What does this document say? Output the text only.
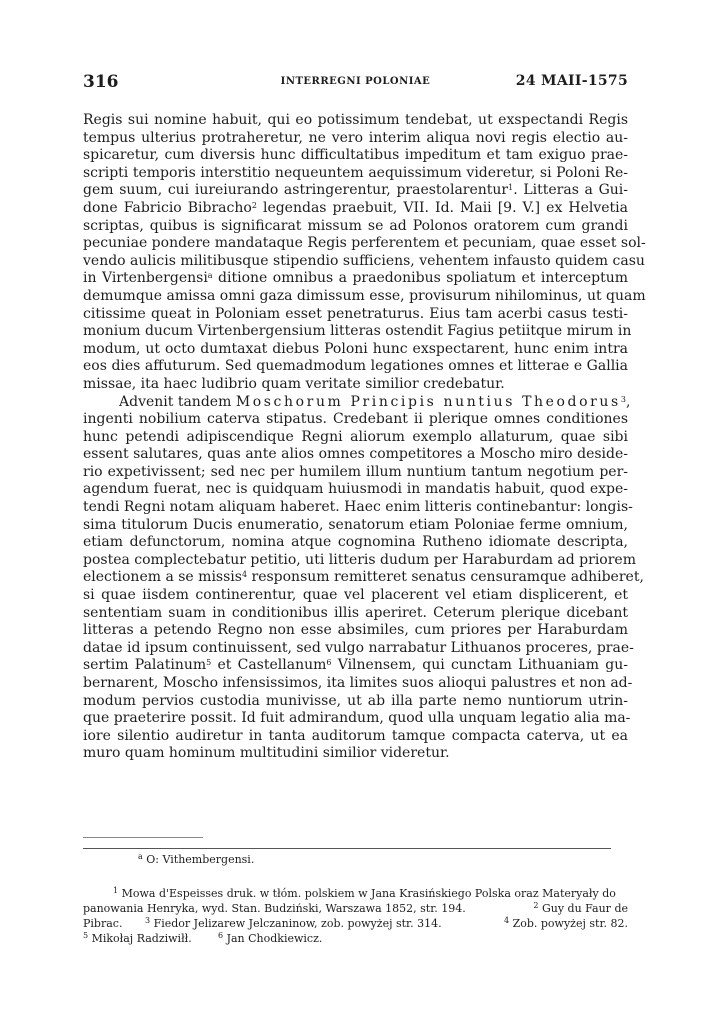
316	INTERREGNI POLONIAE	24 MAII-1575
Regis sui nomine habuit, qui eo potissimum tendebat, ut exspectandi Regis
tempus ulterius protraheretur, ne vero interim aliqua novi regis electio au-
spicaretur, cum diversis hunc difficultatibus impeditum et tam exiguo prae-
scripti temporis interstitio nequeuntem aequissimum videretur, si Poloni Re-
gem suum, cui iureiurando astringerentur, praestolarentur$^1$. Litteras a Gui-
done Fabricio Bibracho$^2$ legendas praebuit, VII. Id. Maii [9. V.] ex Helvetia
scriptas, quibus is significarat missum se ad Polonos oratorem cum grandi
pecuniae pondere mandataque Regis perferentem et pecuniam, quae esset sol-
vendo aulicis militibusque stipendio sufficiens, vehentem infausto quidem casu
in Virtenbergensi$^a$ ditione omnibus a praedonibus spoliatum et interceptum
demumque amissa omni gaza dimissum esse, provisurum nihilominus, ut quam
citissime queat in Poloniam esset penetraturus. Eius tam acerbi casus testi-
monium ducum Virtenbergensium litteras ostendit Fagius petiitque mirum in
modum, ut octo dumtaxat diebus Poloni hunc exspectarent, hunc enim intra
eos dies affuturum. Sed quemadmodum legationes omnes et litterae e Gallia
missae, ita haec ludibrio quam veritate similior credebatur.
Advenit tandem Moschorum Principis nuntius Theodorus$^3$,
ingenti nobilium caterva stipatus. Credebant ii plerique omnes conditiones
hunc petendi adipiscendique Regni aliorum exemplo allaturum, quae sibi
essent salutares, quas ante alios omnes competitores a Moscho miro deside-
rio expetivissent; sed nec per humilem illum nuntium tantum negotium per-
agendum fuerat, nec is quidquam huiusmodi in mandatis habuit, quod expe-
tendi Regni notam aliquam haberet. Haec enim litteris continebantur: longis-
sima titulorum Ducis enumeratio, senatorum etiam Poloniae ferme omnium,
etiam defunctorum, nomina atque cognomina Rutheno idiomate descripta,
postea complectebatur petitio, uti litteris dudum per Haraburdam ad priorem
electionem a se missis$^4$ responsum remitteret senatus censuramque adhiberet,
si quae iisdem continerentur, quae vel placerent vel etiam displicerent, et
sententiam suam in conditionibus illis aperiret. Ceterum plerique dicebant
litteras a petendo Regno non esse absimiles, cum priores per Haraburdam
datae id ipsum continuissent, sed vulgo narrabatur Lithuanos proceres, prae-
sertim Palatinum$^5$ et Castellanum$^6$ Vilnensem, qui cunctam Lithuaniam gu-
bernarent, Moscho infensissimos, ita limites suos alioqui palustres et non ad-
modum pervios custodia munivisse, ut ab illa parte nemo nuntiorum utrin-
que praeterire possit. Id fuit admirandum, quod ulla unquam legatio alia ma-
iore silentio audiretur in tanta auditorum tamque compacta caterva, ut ea
muro quam hominum multitudini similior videretur.
$^a$ O: Vithembergensi.
$^1$ Mowa d'Espeisses druk. w tłóm. polskiem w Jana Krasińskiego Polska oraz Materyały do
panowania Henryka, wyd. Stan. Budziński, Warszawa 1852, str. 194.	$^2$ Guy du Faur de
Pibrac.	$^3$ Fiedor Jelizarew Jelczaninow, zob. powyżej str. 314.	$^4$ Zob. powyżej str. 82.
$^5$ Mikołaj Radziwiłł.	$^6$ Jan Chodkiewicz.
